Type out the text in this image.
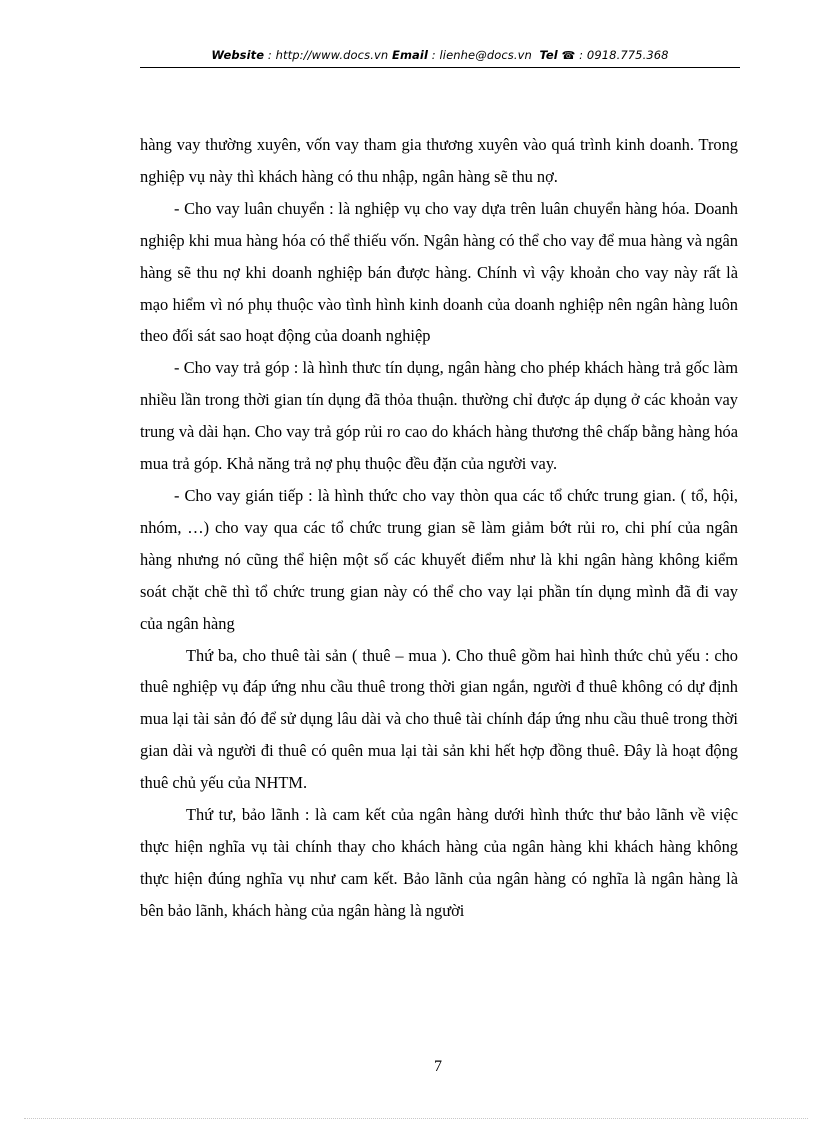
Website : http://www.docs.vn Email : lienhe@docs.vn Tel ☎ : 0918.775.368

hàng vay thường xuyên, vốn vay tham gia thương xuyên vào quá trình kinh doanh. Trong nghiệp vụ này thì khách hàng có thu nhập, ngân hàng sẽ thu nợ.

- Cho vay luân chuyển : là nghiệp vụ cho vay dựa trên luân chuyển hàng hóa. Doanh nghiệp khi mua hàng hóa có thể thiếu vốn. Ngân hàng có thể cho vay để mua hàng và ngân hàng sẽ thu nợ khi doanh nghiệp bán được hàng. Chính vì vậy khoản cho vay này rất là mạo hiểm vì nó phụ thuộc vào tình hình kinh doanh của doanh nghiệp nên ngân hàng luôn theo đối sát sao hoạt động của doanh nghiệp

- Cho vay trả góp : là hình thưc tín dụng, ngân hàng cho phép khách hàng trả gốc làm nhiều lần trong thời gian tín dụng đã thỏa thuận. thường chỉ được áp dụng ở các khoản vay trung và dài hạn. Cho vay trả góp rủi ro cao do khách hàng thương thê chấp bằng hàng hóa mua trả góp. Khả năng trả nợ phụ thuộc đều đặn của người vay.

- Cho vay gián tiếp : là hình thức cho vay thòn qua các tổ chức trung gian. ( tổ, hội, nhóm, …) cho vay qua các tổ chức trung gian sẽ làm giảm bớt rủi ro, chi phí của ngân hàng nhưng nó cũng thể hiện một số các khuyết điểm như là khi ngân hàng không kiểm soát chặt chẽ thì tổ chức trung gian này có thể cho vay lại phần tín dụng mình đã đi vay của ngân hàng

Thứ ba, cho thuê tài sản ( thuê – mua ). Cho thuê gồm hai hình thức chủ yếu : cho thuê nghiệp vụ đáp ứng nhu cầu thuê trong thời gian ngắn, người đ thuê không có dự định mua lại tài sản đó để sử dụng lâu dài và cho thuê tài chính đáp ứng nhu cầu thuê trong thời gian dài và người đi thuê có quên mua lại tài sản khi hết hợp đồng thuê. Đây là hoạt động thuê chủ yếu của NHTM.

Thứ tư, bảo lãnh : là cam kết của ngân hàng dưới hình thức thư bảo lãnh về việc thực hiện nghĩa vụ tài chính thay cho khách hàng của ngân hàng khi khách hàng không thực hiện đúng nghĩa vụ như cam kết. Bảo lãnh của ngân hàng có nghĩa là ngân hàng là bên bảo lãnh, khách hàng của ngân hàng là người

7
